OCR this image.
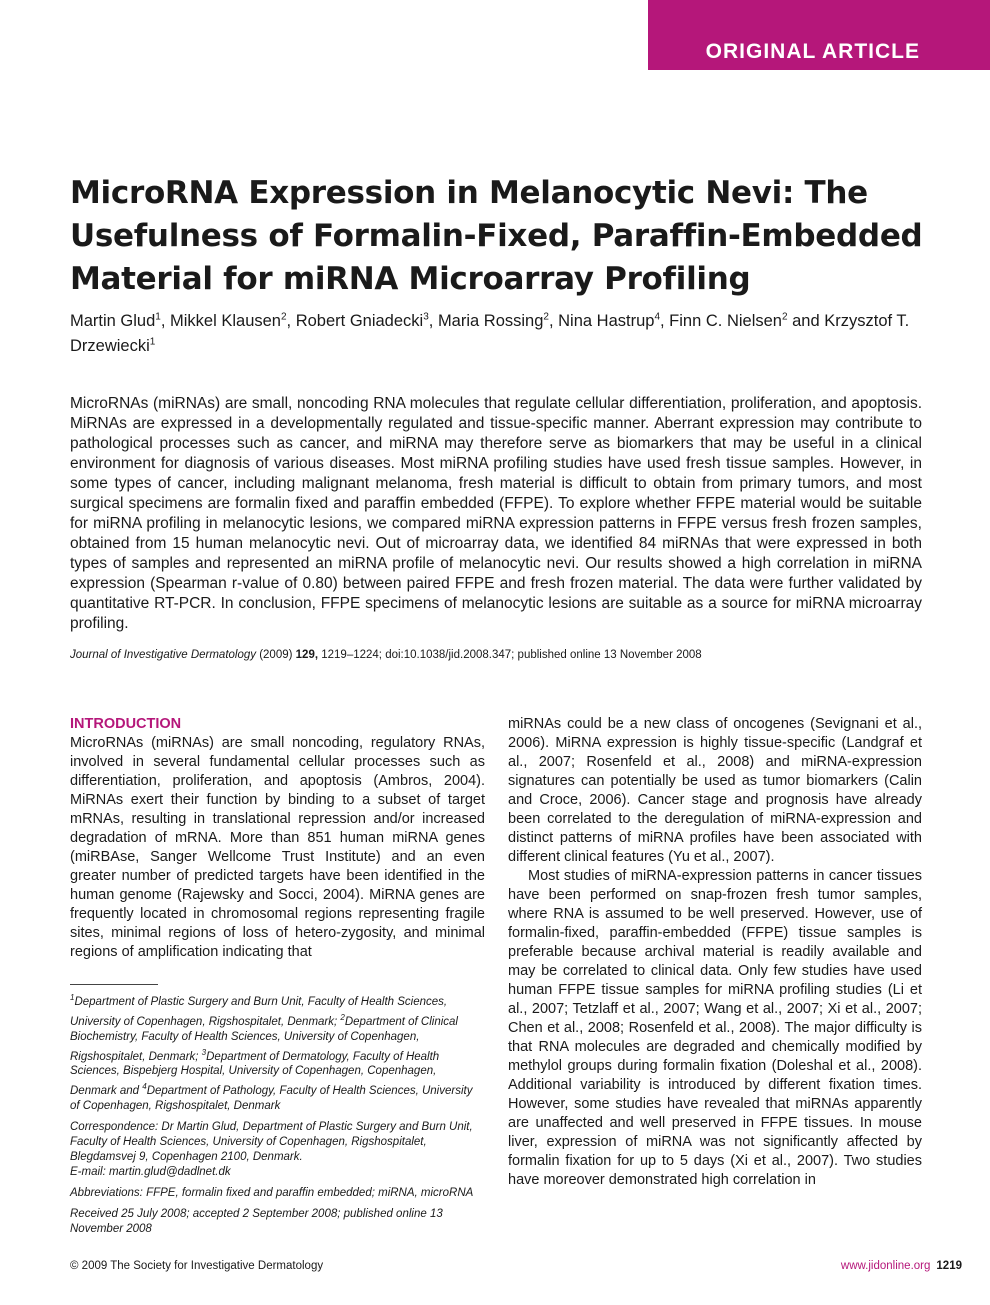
ORIGINAL ARTICLE
MicroRNA Expression in Melanocytic Nevi: The Usefulness of Formalin-Fixed, Paraffin-Embedded Material for miRNA Microarray Profiling
Martin Glud$^1$, Mikkel Klausen$^2$, Robert Gniadecki$^3$, Maria Rossing$^2$, Nina Hastrup$^4$, Finn C. Nielsen$^2$ and Krzysztof T. Drzewiecki$^1$

MicroRNAs (miRNAs) are small, noncoding RNA molecules that regulate cellular differentiation, proliferation, and apoptosis. MiRNAs are expressed in a developmentally regulated and tissue-specific manner. Aberrant expression may contribute to pathological processes such as cancer, and miRNA may therefore serve as biomarkers that may be useful in a clinical environment for diagnosis of various diseases. Most miRNA profiling studies have used fresh tissue samples. However, in some types of cancer, including malignant melanoma, fresh material is difficult to obtain from primary tumors, and most surgical specimens are formalin fixed and paraffin embedded (FFPE). To explore whether FFPE material would be suitable for miRNA profiling in melanocytic lesions, we compared miRNA expression patterns in FFPE versus fresh frozen samples, obtained from 15 human melanocytic nevi. Out of microarray data, we identified 84 miRNAs that were expressed in both types of samples and represented an miRNA profile of melanocytic nevi. Our results showed a high correlation in miRNA expression (Spearman r-value of 0.80) between paired FFPE and fresh frozen material. The data were further validated by quantitative RT-PCR. In conclusion, FFPE specimens of melanocytic lesions are suitable as a source for miRNA microarray profiling.

Journal of Investigative Dermatology (2009) 129, 1219–1224; doi:10.1038/jid.2008.347; published online 13 November 2008
INTRODUCTION

MicroRNAs (miRNAs) are small noncoding, regulatory RNAs, involved in several fundamental cellular processes such as differentiation, proliferation, and apoptosis (Ambros, 2004). MiRNAs exert their function by binding to a subset of target mRNAs, resulting in translational repression and/or increased degradation of mRNA. More than 851 human miRNA genes (miRBAse, Sanger Wellcome Trust Institute) and an even greater number of predicted targets have been identified in the human genome (Rajewsky and Socci, 2004). MiRNA genes are frequently located in chromosomal regions representing fragile sites, minimal regions of loss of hetero-zygosity, and minimal regions of amplification indicating that

$^1$Department of Plastic Surgery and Burn Unit, Faculty of Health Sciences, University of Copenhagen, Rigshospitalet, Denmark; $^2$Department of Clinical Biochemistry, Faculty of Health Sciences, University of Copenhagen, Rigshospitalet, Denmark; $^3$Department of Dermatology, Faculty of Health Sciences, Bispebjerg Hospital, University of Copenhagen, Copenhagen, Denmark and $^4$Department of Pathology, Faculty of Health Sciences, University of Copenhagen, Rigshospitalet, Denmark

Correspondence: Dr Martin Glud, Department of Plastic Surgery and Burn Unit, Faculty of Health Sciences, University of Copenhagen, Rigshospitalet, Blegdamsvej 9, Copenhagen 2100, Denmark.
E-mail: martin.glud@dadlnet.dk

Abbreviations: FFPE, formalin fixed and paraffin embedded; miRNA, microRNA

Received 25 July 2008; accepted 2 September 2008; published online 13 November 2008

miRNAs could be a new class of oncogenes (Sevignani et al., 2006). MiRNA expression is highly tissue-specific (Landgraf et al., 2007; Rosenfeld et al., 2008) and miRNA-expression signatures can potentially be used as tumor biomarkers (Calin and Croce, 2006). Cancer stage and prognosis have already been correlated to the deregulation of miRNA-expression and distinct patterns of miRNA profiles have been associated with different clinical features (Yu et al., 2007).

Most studies of miRNA-expression patterns in cancer tissues have been performed on snap-frozen fresh tumor samples, where RNA is assumed to be well preserved. However, use of formalin-fixed, paraffin-embedded (FFPE) tissue samples is preferable because archival material is readily available and may be correlated to clinical data. Only few studies have used human FFPE tissue samples for miRNA profiling studies (Li et al., 2007; Tetzlaff et al., 2007; Wang et al., 2007; Xi et al., 2007; Chen et al., 2008; Rosenfeld et al., 2008). The major difficulty is that RNA molecules are degraded and chemically modified by methylol groups during formalin fixation (Doleshal et al., 2008). Additional variability is introduced by different fixation times. However, some studies have revealed that miRNAs apparently are unaffected and well preserved in FFPE tissues. In mouse liver, expression of miRNA was not significantly affected by formalin fixation for up to 5 days (Xi et al., 2007). Two studies have moreover demonstrated high correlation in

© 2009 The Society for Investigative Dermatology	www.jidonline.org 1219
